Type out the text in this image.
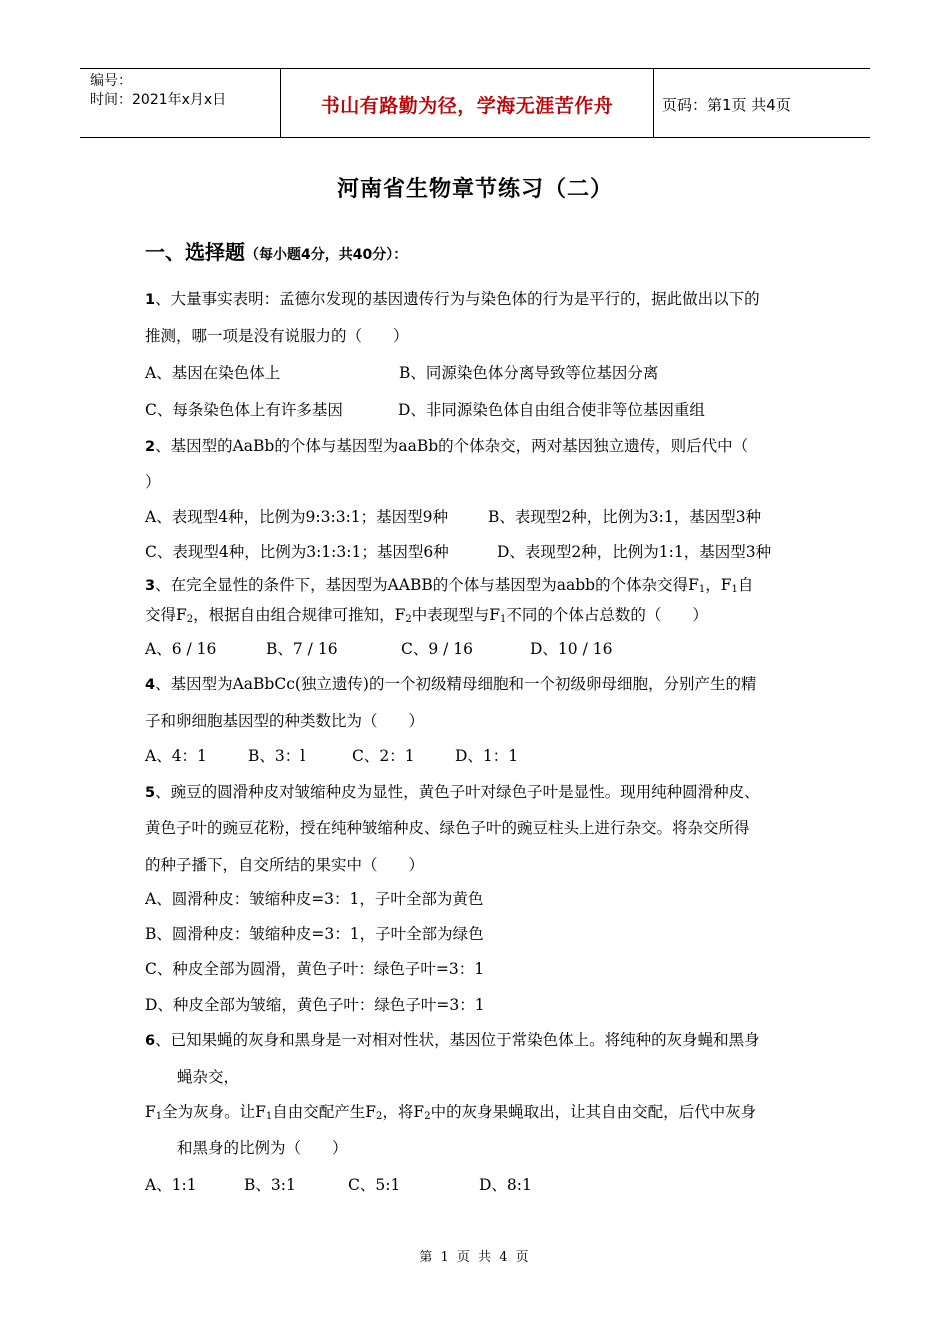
编号：
时间：2021年x月x日	书山有路勤为径，学海无涯苦作舟	页码：第1页 共4页
河南省生物章节练习（二）
一、选择题（每小题4分，共40分）：
1、大量事实表明：孟德尔发现的基因遗传行为与染色体的行为是平行的，据此做出以下的
推测，哪一项是没有说服力的（　　）
A、基因在染色体上	B、同源染色体分离导致等位基因分离
C、每条染色体上有许多基因	D、非同源染色体自由组合使非等位基因重组
2、基因型的AaBb的个体与基因型为aaBb的个体杂交，两对基因独立遗传，则后代中（
）
A、表现型4种，比例为9:3:3:1；基因型9种	B、表现型2种，比例为3:1，基因型3种
C、表现型4种，比例为3:1:3:1；基因型6种	D、表现型2种，比例为1:1，基因型3种
3、在完全显性的条件下，基因型为AABB的个体与基因型为aabb的个体杂交得$F_1$，$F_1$自
交得$F_2$，根据自由组合规律可推知，$F_2$中表现型与$F_1$不同的个体占总数的（　　）
A、6 / 16	B、7 / 16	C、9 / 16	D、10 / 16
4、基因型为AaBbCc(独立遗传)的一个初级精母细胞和一个初级卵母细胞，分别产生的精
子和卵细胞基因型的种类数比为（　　）
A、4：1	B、3：l	C、2：1	D、1：1
5、豌豆的圆滑种皮对皱缩种皮为显性，黄色子叶对绿色子叶是显性。现用纯种圆滑种皮、
黄色子叶的豌豆花粉，授在纯种皱缩种皮、绿色子叶的豌豆柱头上进行杂交。将杂交所得
的种子播下，自交所结的果实中（　　）
A、圆滑种皮：皱缩种皮=3：1，子叶全部为黄色
B、圆滑种皮：皱缩种皮=3：1，子叶全部为绿色
C、种皮全部为圆滑，黄色子叶：绿色子叶=3：1
D、种皮全部为皱缩，黄色子叶：绿色子叶=3：1
6、已知果蝇的灰身和黑身是一对相对性状，基因位于常染色体上。将纯种的灰身蝇和黑身
蝇杂交，
$F_1$全为灰身。让$F_1$自由交配产生$F_2$，将$F_2$中的灰身果蝇取出，让其自由交配，后代中灰身
和黑身的比例为（　　）
A、1:1	B、3:1	C、5:1	D、8:1
第 1 页 共 4 页
